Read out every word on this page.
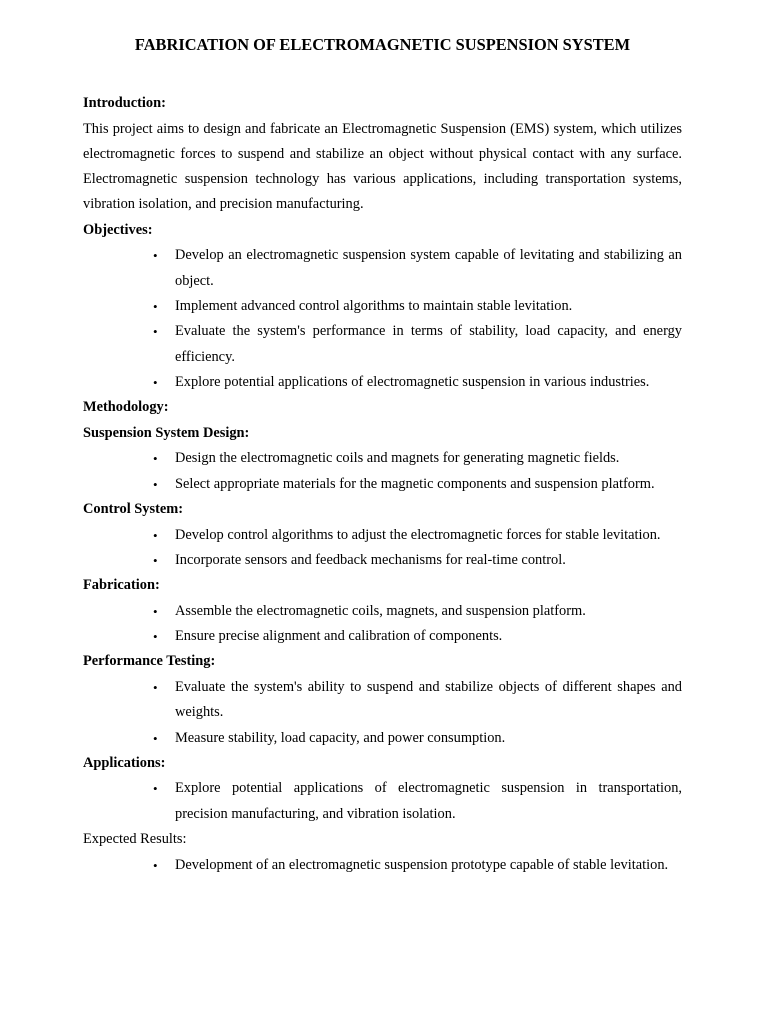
FABRICATION OF ELECTROMAGNETIC SUSPENSION SYSTEM
Introduction:

This project aims to design and fabricate an Electromagnetic Suspension (EMS) system, which utilizes electromagnetic forces to suspend and stabilize an object without physical contact with any surface. Electromagnetic suspension technology has various applications, including transportation systems, vibration isolation, and precision manufacturing.

Objectives:
• Develop an electromagnetic suspension system capable of levitating and stabilizing an object.
• Implement advanced control algorithms to maintain stable levitation.
• Evaluate the system's performance in terms of stability, load capacity, and energy efficiency.
• Explore potential applications of electromagnetic suspension in various industries.
Methodology:
Suspension System Design:
• Design the electromagnetic coils and magnets for generating magnetic fields.
• Select appropriate materials for the magnetic components and suspension platform.
Control System:
• Develop control algorithms to adjust the electromagnetic forces for stable levitation.
• Incorporate sensors and feedback mechanisms for real-time control.
Fabrication:
• Assemble the electromagnetic coils, magnets, and suspension platform.
• Ensure precise alignment and calibration of components.
Performance Testing:
• Evaluate the system's ability to suspend and stabilize objects of different shapes and weights.
• Measure stability, load capacity, and power consumption.
Applications:
• Explore potential applications of electromagnetic suspension in transportation, precision manufacturing, and vibration isolation.
Expected Results:
• Development of an electromagnetic suspension prototype capable of stable levitation.
